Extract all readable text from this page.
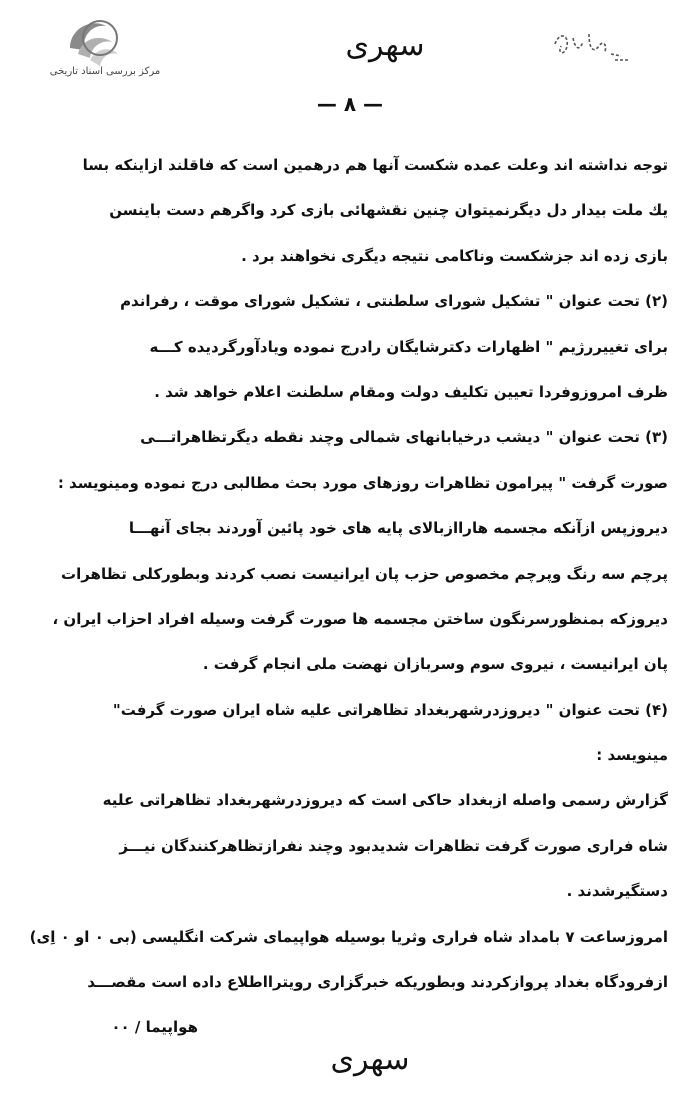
مرکز بررسی اسناد تاریخی
سهری
— ۸ —
توجه نداشته اند وعلت عمده شکست آنها هم درهمین است که فاقلند ازاینکه بسا
یك ملت بیدار دل دیگرنمیتوان چنین نقشهائی بازی کرد واگرهم دست باینسن
بازی زده اند جزشکست وناکامی نتیجه دیگری نخواهند برد .
(۲) تحت عنوان " تشکیل شورای سلطنتی ، تشکیل شورای موقت ، رفراندم
برای تغییررژیم " اظهارات دکترشایگان رادرج نموده ویادآورگردیده کـــه
ظرف امروزوفردا تعیین تکلیف دولت ومقام سلطنت اعلام خواهد شد .
(۳) تحت عنوان " دیشب درخیابانهای شمالی وچند نقطه دیگرتظاهراتـــی
صورت گرفت " پیرامون تظاهرات روزهای مورد بحث مطالبی درج نموده ومینویسد :
دیروزپس ازآنکه مجسمه هاراازبالای پایه های خود پائین آوردند بجای آنهـــا
پرچم سه رنگ وپرچم مخصوص حزب پان ایرانیست نصب کردند وبطورکلی تظاهرات
دیروزکه بمنظورسرنگون ساختن مجسمه ها صورت گرفت وسیله افراد احزاب ایران ،
پان ایرانیست ، نیروی سوم وسربازان نهضت ملی انجام گرفت .
(۴) تحت عنوان " دیروزدرشهربغداد تظاهراتی علیه شاه ایران صورت گرفت"
مینویسد :
گزارش رسمی واصله ازبغداد حاکی است که دیروزدرشهربغداد تظاهراتی علیه
شاه فراری صورت گرفت تظاهرات شدیدبود وچند نفرازتظاهرکنندگان نیـــز
دستگیرشدند .
امروزساعت ۷ بامداد شاه فراری وثریا بوسیله هواپیمای شرکت انگلیسی (بی ۰ او ۰ اِی)
ازفرودگاه بغداد پروازکردند وبطوریکه خبرگزاری رویترااطلاع داده است مقصـــد
هواپیما / ۰۰
سهری
